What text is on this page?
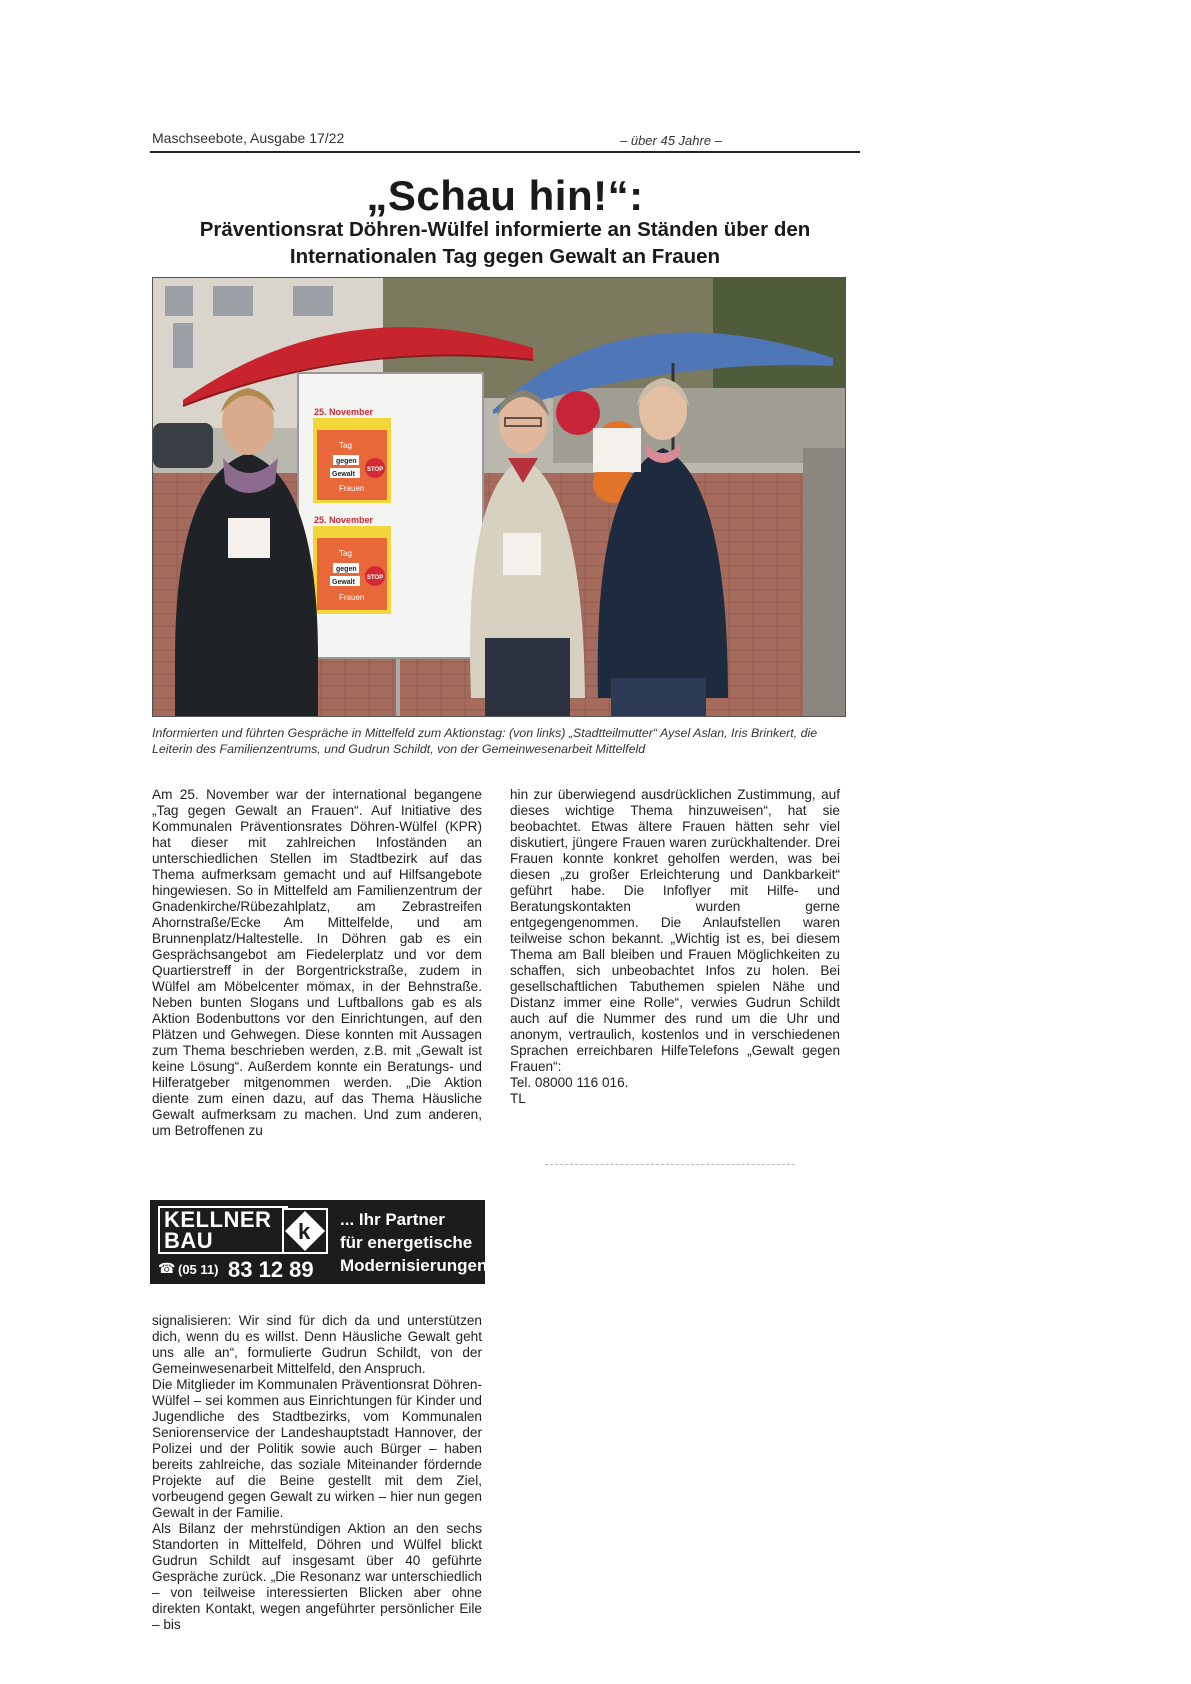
Maschseebote, Ausgabe 17/22	– über 45 Jahre –
„Schau hin!“:
Präventionsrat Döhren-Wülfel informierte an Ständen über den Internationalen Tag gegen Gewalt an Frauen
25. November
Tag
gegen
Gewalt
STOP
Frauen
25. November
Tag
gegen
Gewalt
STOP
Frauen
Informierten und führten Gespräche in Mittelfeld zum Aktionstag: (von links) „Stadtteilmutter“ Aysel Aslan, Iris Brinkert, die Leiterin des Familienzentrums, und Gudrun Schildt, von der Gemeinwesenarbeit Mittelfeld

Am 25. November war der international begangene „Tag gegen Gewalt an Frauen“. Auf Initiative des Kommunalen Präventionsrates Döhren-Wülfel (KPR) hat dieser mit zahlreichen Infoständen an unterschiedlichen Stellen im Stadtbezirk auf das Thema aufmerksam gemacht und auf Hilfsangebote hingewiesen. So in Mittelfeld am Familienzentrum der Gnadenkirche/Rübezahlplatz, am Zebrastreifen Ahornstraße/Ecke Am Mittelfelde, und am Brunnenplatz/Haltestelle. In Döhren gab es ein Gesprächsangebot am Fiedelerplatz und vor dem Quartierstreff in der Borgentrickstraße, zudem in Wülfel am Möbelcenter mömax, in der Behnstraße. Neben bunten Slogans und Luftballons gab es als Aktion Bodenbuttons vor den Einrichtungen, auf den Plätzen und Gehwegen. Diese konnten mit Aussagen zum Thema beschrieben werden, z.B. mit „Gewalt ist keine Lösung“. Außerdem konnte ein Beratungs- und Hilferatgeber mitgenommen werden. „Die Aktion diente zum einen dazu, auf das Thema Häusliche Gewalt aufmerksam zu machen. Und zum anderen, um Betroffenen zu

hin zur überwiegend ausdrücklichen Zustimmung, auf dieses wichtige Thema hinzuweisen“, hat sie beobachtet. Etwas ältere Frauen hätten sehr viel diskutiert, jüngere Frauen waren zurückhaltender. Drei Frauen konnte konkret geholfen werden, was bei diesen „zu großer Erleichterung und Dankbarkeit“ geführt habe. Die Infoflyer mit Hilfe- und Beratungskontakten wurden gerne entgegengenommen. Die Anlaufstellen waren teilweise schon bekannt. „Wichtig ist es, bei diesem Thema am Ball bleiben und Frauen Möglichkeiten zu schaffen, sich unbeobachtet Infos zu holen. Bei gesellschaftlichen Tabuthemen spielen Nähe und Distanz immer eine Rolle“, verwies Gudrun Schildt auch auf die Nummer des rund um die Uhr und anonym, vertraulich, kostenlos und in verschiedenen Sprachen erreichbaren HilfeTelefons „Gewalt gegen Frauen“:

Tel. 08000 116 016.

TL

KELLNER
BAU	k
☎ (05 11) 83 12 89
... Ihr Partner
für energetische
Modernisierungen

signalisieren: Wir sind für dich da und unterstützen dich, wenn du es willst. Denn Häusliche Gewalt geht uns alle an“, formulierte Gudrun Schildt, von der Gemeinwesenarbeit Mittelfeld, den Anspruch.

Die Mitglieder im Kommunalen Präventionsrat Döhren-Wülfel – sei kommen aus Einrichtungen für Kinder und Jugendliche des Stadtbezirks, vom Kommunalen Seniorenservice der Landeshauptstadt Hannover, der Polizei und der Politik sowie auch Bürger – haben bereits zahlreiche, das soziale Miteinander fördernde Projekte auf die Beine gestellt mit dem Ziel, vorbeugend gegen Gewalt zu wirken – hier nun gegen Gewalt in der Familie.

Als Bilanz der mehrstündigen Aktion an den sechs Standorten in Mittelfeld, Döhren und Wülfel blickt Gudrun Schildt auf insgesamt über 40 geführte Gespräche zurück. „Die Resonanz war unterschiedlich – von teilweise interessierten Blicken aber ohne direkten Kontakt, wegen angeführter persönlicher Eile – bis
